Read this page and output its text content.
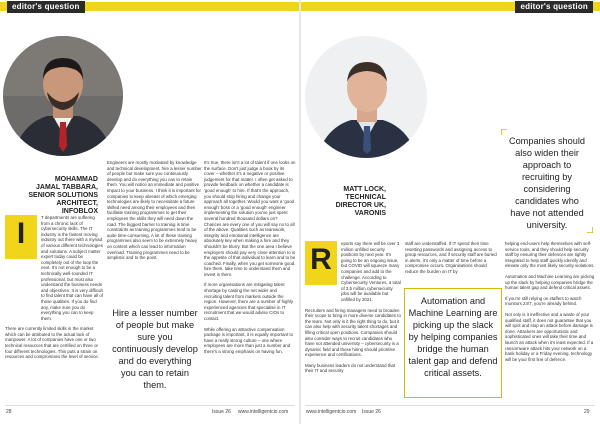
editor's question	editor's question
MOHAMMAD
JAMAL TABBARA,
SENIOR SOLUTIONS
ARCHITECT,
INFOBLOX
I	T departments are suffering from a chronic lack of cybersecurity skills. The IT industry is the fastest moving industry out there with a myriad of various different technologies and solutions. A subject matter expert today could be completely out of the loop the next. It's not enough to be a technically well-rounded IT professional, but must also understand the business needs and objectives. It is very difficult to find talent that can have all of those qualities. If you do find any, make sure you do everything you can to keep them.

There are currently limited skills in the market which can be attributed to the actual lack of manpower. A lot of companies have one or two technical resources that are certified on three or four different technologies. This puts a strain on resources and compromises the level of service.

Engineers are mostly motivated by knowledge and technical development, hire a lesser number of people but make sure you continuously develop and do everything you can to retain them. You will notice an immediate and positive impact to your business. I think it is important for companies to keep abreast of which emerging technologies are likely to necessitate a future skilled need among their employees and then facilitate training programmes to get their employees the skills they will need down the road. The biggest barrier to training is time constraints as training programmes tend to be quite time-consuming. A lot of these training programmes also seem to be extremely heavy on content which can lead to information overload. Training programmes need to be simplistic and to the point.

Hire a lesser number of people but make sure you continuously develop and do everything you can to retain them.

It's true, there isn't a lot of talent if one looks on the surface. Don't just judge a book by its cover – whether it's a negative or positive judgement for that matter. I often get asked to provide feedback on whether a candidate is 'good enough' to hire. If that's the approach, you should stop hiring and change your approach all together. Would you want a 'good enough' boss or a 'good enough' engineer implementing the solution you've just spent several hundred thousand dollars on? Chances are every one of you will say no to all of the above. Qualities such as teamwork, integrity and emotional intelligence are absolutely key when making a hire and they shouldn't be blurry. But the one area I believe employers should pay very close attention to is the appetite of that individual to learn and to be coached. Finally, when you get someone good, hire them, take time to understand them and invest in them.

If more organisations are mitigating talent shortage by casting the net wider and recruiting talent from markets outside the region. However, there are a number of highly experienced agencies that specialise in IT recruitment that we would advise CIOs to contact.

While offering an attractive compensation package is important, it is equally important to have a really strong culture – one where employees are more than just a number and there's a strong emphasis on having fun.

28	Issue 26 www.intelligentcio.com
MATT LOCK,
TECHNICAL
DIRECTOR UK,
VARONIS
Companies should also widen their approach to recruiting by considering candidates who have not attended university.
R	eports say there will be over 3 million unfilled security positions by next year. It's going to be an ongoing issue, but COVID will squeeze many companies and add to the challenge. According to Cybersecurity Ventures, a total of 3.5 million cybersecurity jobs will be available but unfilled by 2021.

Recruiters and hiring managers need to broaden their scope to bring in more diverse candidates to the team. Not only is it the right thing to do, but it can also help with security talent shortages and filling critical open positions. Companies should also consider ways to recruit candidates who have not attended university – cybersecurity is a dynamic field and those hiring should prioritise experience and certifications.

Many business leaders do not understand that their IT and security

staff are understaffed. If IT spend their time resetting passwords and assigning access to group resources, and if security staff are buried in alerts, it's only a matter of time before a compromise occurs. Organisations should reduce the burden on IT by

Automation and Machine Learning are picking up the slack by helping companies bridge the human talent gap and defend critical assets.

helping end-users help themselves with self-service tools, and they should help security staff by ensuring their defences are tightly integrated to help staff quickly identify and elevate only the most likely security violations.

Automation and Machine Learning are picking up the slack by helping companies bridge the human talent gap and defend critical assets.

If you're still relying on staffers to watch monitors 24/7, you're already behind.

Not only is it ineffective and a waste of your qualified staff, it does not guarantee that you will spot and stop an attack before damage is done. Attackers are opportunistic and sophisticated ones will take their time and launch an attack when it's least expected. If a ransomware attack hits your network on a bank holiday or a Friday evening, technology will be your first line of defence.

www.intelligentcio.com Issue 26	29
